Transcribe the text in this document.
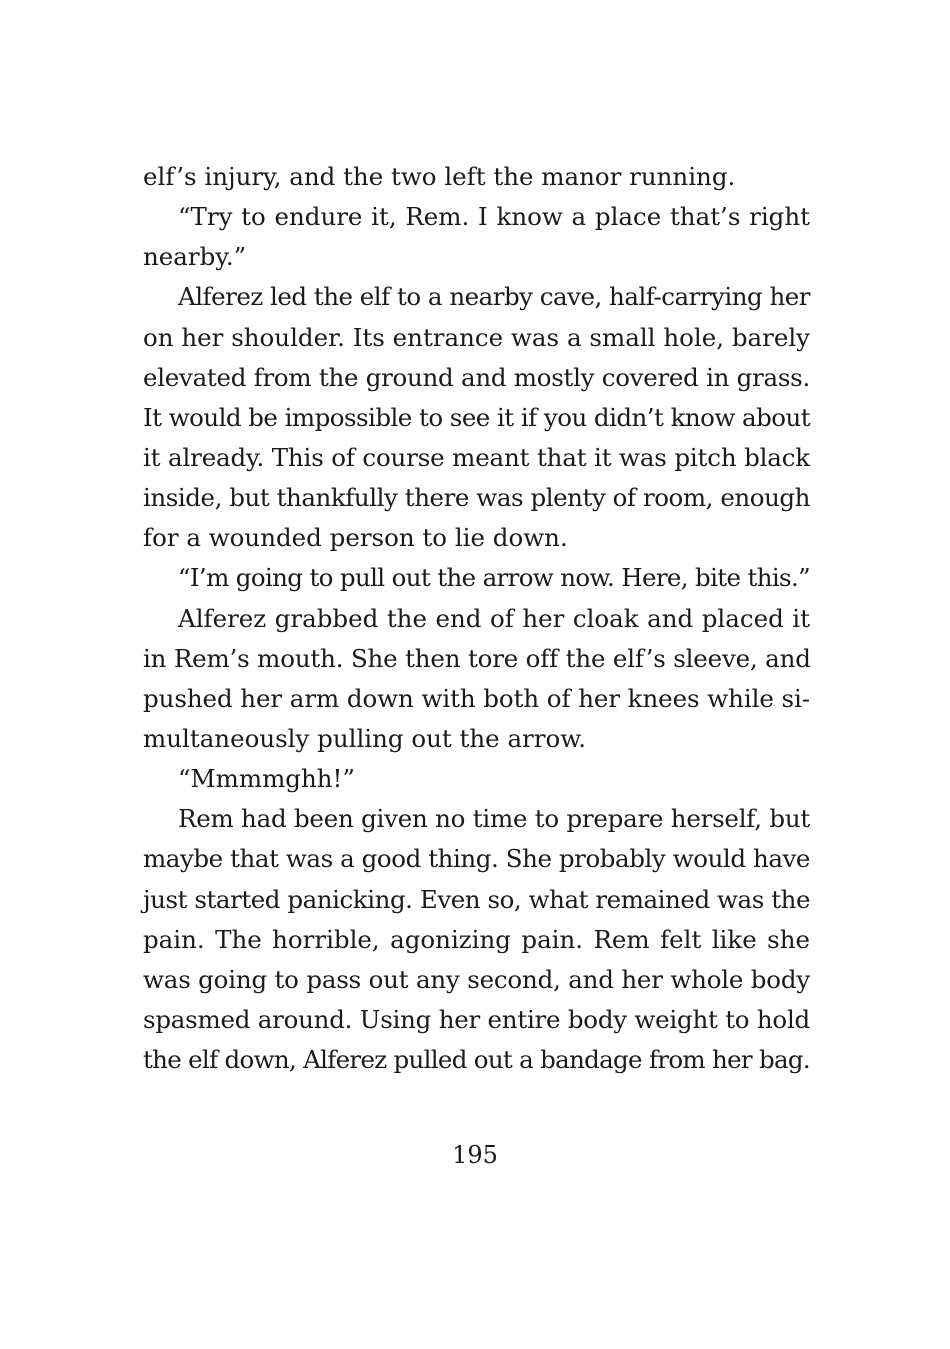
elf’s injury, and the two left the manor running.
“Try to endure it, Rem. I know a place that’s right
nearby.”
Alferez led the elf to a nearby cave, half-carrying her
on her shoulder. Its entrance was a small hole, barely
elevated from the ground and mostly covered in grass.
It would be impossible to see it if you didn’t know about
it already. This of course meant that it was pitch black
inside, but thankfully there was plenty of room, enough
for a wounded person to lie down.
“I’m going to pull out the arrow now. Here, bite this.”
Alferez grabbed the end of her cloak and placed it
in Rem’s mouth. She then tore off the elf’s sleeve, and
pushed her arm down with both of her knees while si-
multaneously pulling out the arrow.
“Mmmmghh!”
Rem had been given no time to prepare herself, but
maybe that was a good thing. She probably would have
just started panicking. Even so, what remained was the
pain. The horrible, agonizing pain. Rem felt like she
was going to pass out any second, and her whole body
spasmed around. Using her entire body weight to hold
the elf down, Alferez pulled out a bandage from her bag.
195
